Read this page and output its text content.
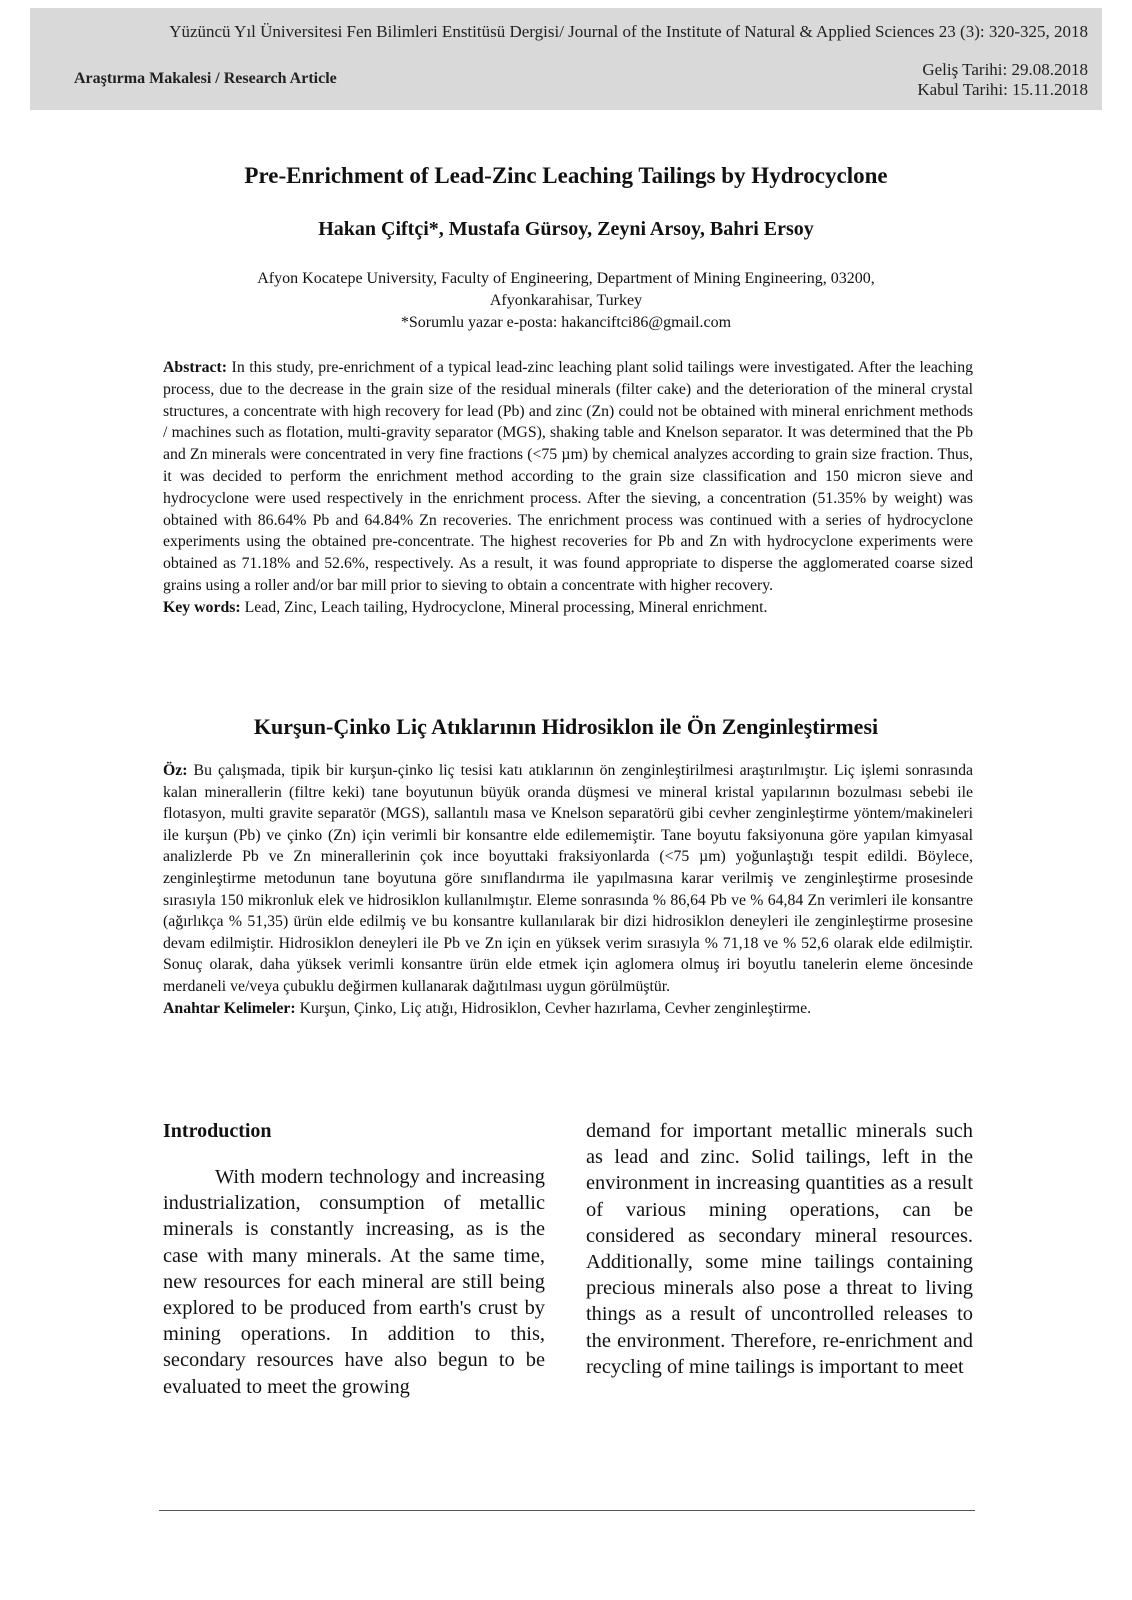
Yüzüncü Yıl Üniversitesi Fen Bilimleri Enstitüsü Dergisi/ Journal of the Institute of Natural & Applied Sciences 23 (3): 320-325, 2018
Araştırma Makalesi / Research Article	Geliş Tarihi: 29.08.2018
Kabul Tarihi: 15.11.2018
Pre-Enrichment of Lead-Zinc Leaching Tailings by Hydrocyclone
Hakan Çiftçi*, Mustafa Gürsoy, Zeyni Arsoy, Bahri Ersoy
Afyon Kocatepe University, Faculty of Engineering, Department of Mining Engineering, 03200,
Afyonkarahisar, Turkey
*Sorumlu yazar e-posta: hakanciftci86@gmail.com

Abstract: In this study, pre-enrichment of a typical lead-zinc leaching plant solid tailings were investigated. After the leaching process, due to the decrease in the grain size of the residual minerals (filter cake) and the deterioration of the mineral crystal structures, a concentrate with high recovery for lead (Pb) and zinc (Zn) could not be obtained with mineral enrichment methods / machines such as flotation, multi-gravity separator (MGS), shaking table and Knelson separator. It was determined that the Pb and Zn minerals were concentrated in very fine fractions (<75 µm) by chemical analyzes according to grain size fraction. Thus, it was decided to perform the enrichment method according to the grain size classification and 150 micron sieve and hydrocyclone were used respectively in the enrichment process. After the sieving, a concentration (51.35% by weight) was obtained with 86.64% Pb and 64.84% Zn recoveries. The enrichment process was continued with a series of hydrocyclone experiments using the obtained pre-concentrate. The highest recoveries for Pb and Zn with hydrocyclone experiments were obtained as 71.18% and 52.6%, respectively. As a result, it was found appropriate to disperse the agglomerated coarse sized grains using a roller and/or bar mill prior to sieving to obtain a concentrate with higher recovery.

Key words: Lead, Zinc, Leach tailing, Hydrocyclone, Mineral processing, Mineral enrichment.

Kurşun-Çinko Liç Atıklarının Hidrosiklon ile Ön Zenginleştirmesi

Öz: Bu çalışmada, tipik bir kurşun-çinko liç tesisi katı atıklarının ön zenginleştirilmesi araştırılmıştır. Liç işlemi sonrasında kalan minerallerin (filtre keki) tane boyutunun büyük oranda düşmesi ve mineral kristal yapılarının bozulması sebebi ile flotasyon, multi gravite separatör (MGS), sallantılı masa ve Knelson separatörü gibi cevher zenginleştirme yöntem/makineleri ile kurşun (Pb) ve çinko (Zn) için verimli bir konsantre elde edilememiştir. Tane boyutu faksiyonuna göre yapılan kimyasal analizlerde Pb ve Zn minerallerinin çok ince boyuttaki fraksiyonlarda (<75 µm) yoğunlaştığı tespit edildi. Böylece, zenginleştirme metodunun tane boyutuna göre sınıflandırma ile yapılmasına karar verilmiş ve zenginleştirme prosesinde sırasıyla 150 mikronluk elek ve hidrosiklon kullanılmıştır. Eleme sonrasında % 86,64 Pb ve % 64,84 Zn verimleri ile konsantre (ağırlıkça % 51,35) ürün elde edilmiş ve bu konsantre kullanılarak bir dizi hidrosiklon deneyleri ile zenginleştirme prosesine devam edilmiştir. Hidrosiklon deneyleri ile Pb ve Zn için en yüksek verim sırasıyla % 71,18 ve % 52,6 olarak elde edilmiştir. Sonuç olarak, daha yüksek verimli konsantre ürün elde etmek için aglomera olmuş iri boyutlu tanelerin eleme öncesinde merdaneli ve/veya çubuklu değirmen kullanarak dağıtılması uygun görülmüştür.

Anahtar Kelimeler: Kurşun, Çinko, Liç atığı, Hidrosiklon, Cevher hazırlama, Cevher zenginleştirme.

Introduction

With modern technology and increasing industrialization, consumption of metallic minerals is constantly increasing, as is the case with many minerals. At the same time, new resources for each mineral are still being explored to be produced from earth's crust by mining operations. In addition to this, secondary resources have also begun to be evaluated to meet the growing

demand for important metallic minerals such as lead and zinc. Solid tailings, left in the environment in increasing quantities as a result of various mining operations, can be considered as secondary mineral resources. Additionally, some mine tailings containing precious minerals also pose a threat to living things as a result of uncontrolled releases to the environment. Therefore, re-enrichment and recycling of mine tailings is important to meet
